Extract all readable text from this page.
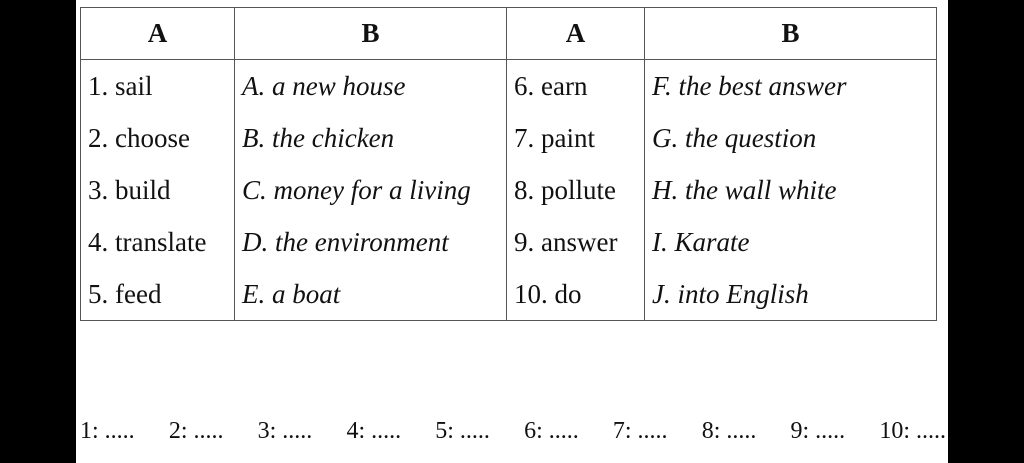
A	B	A	B
1. sail	A. a new house	6. earn	F. the best answer
2. choose	B. the chicken	7. paint	G. the question
3. build	C. money for a living	8. pollute	H. the wall white
4. translate	D. the environment	9. answer	I. Karate
5. feed	E. a boat	10. do	J. into English
1: ..... 2: ..... 3: ..... 4: ..... 5: ..... 6: ..... 7: ..... 8: ..... 9: ..... 10: .....
